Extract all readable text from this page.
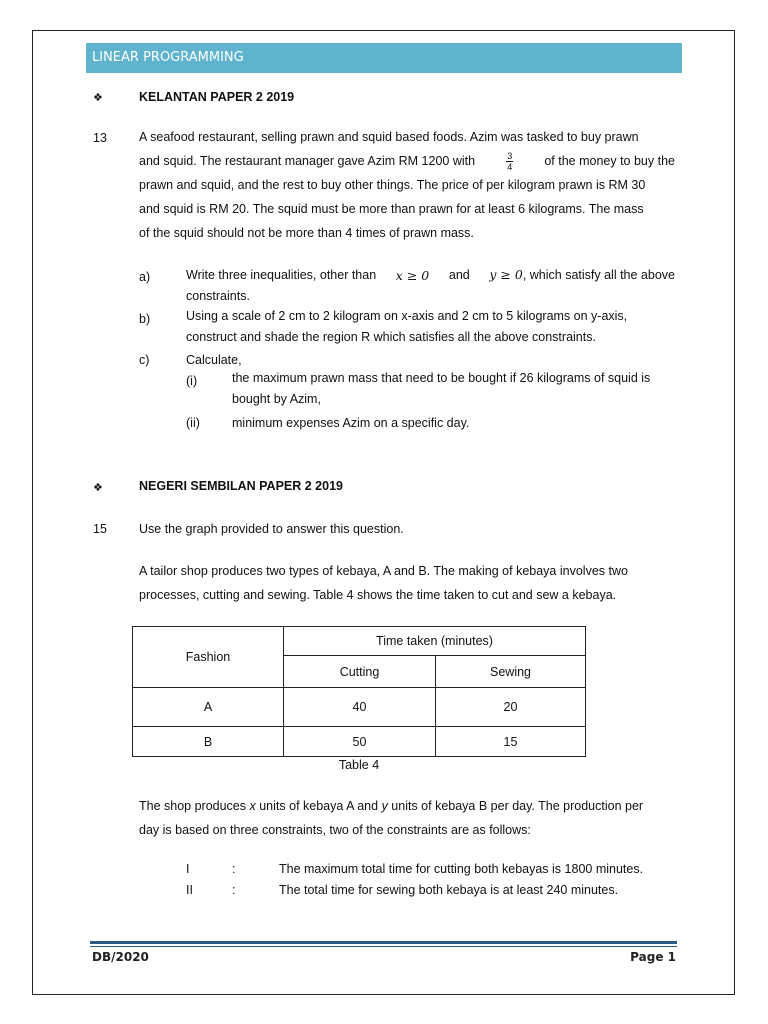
LINEAR PROGRAMMING
❖	KELANTAN PAPER 2 2019
13	A seafood restaurant, selling prawn and squid based foods. Azim was tasked to buy prawn
and squid. The restaurant manager gave Azim RM 1200 with	$\frac{3}{4}$ of the money to buy the
prawn and squid, and the rest to buy other things. The price of per kilogram prawn is RM 30
and squid is RM 20. The squid must be more than prawn for at least 6 kilograms. The mass
of the squid should not be more than 4 times of prawn mass.
a)	Write three inequalities, other than x ≥ 0 and y ≥ 0, which satisfy all the above
constraints.
b)	Using a scale of 2 cm to 2 kilogram on x-axis and 2 cm to 5 kilograms on y-axis,
construct and shade the region R which satisfies all the above constraints.
c)	Calculate,
(i)	the maximum prawn mass that need to be bought if 26 kilograms of squid is
bought by Azim,
(ii)	minimum expenses Azim on a specific day.
❖	NEGERI SEMBILAN PAPER 2 2019
15	Use the graph provided to answer this question.
A tailor shop produces two types of kebaya, A and B. The making of kebaya involves two
processes, cutting and sewing. Table 4 shows the time taken to cut and sew a kebaya.
Fashion	Time taken (minutes)	
	Cutting	Sewing
A	40	20
B	50	15
Table 4
The shop produces x units of kebaya A and y units of kebaya B per day. The production per
day is based on three constraints, two of the constraints are as follows:
I	:	The maximum total time for cutting both kebayas is 1800 minutes.
II	:	The total time for sewing both kebaya is at least 240 minutes.
DB/2020	Page 1
